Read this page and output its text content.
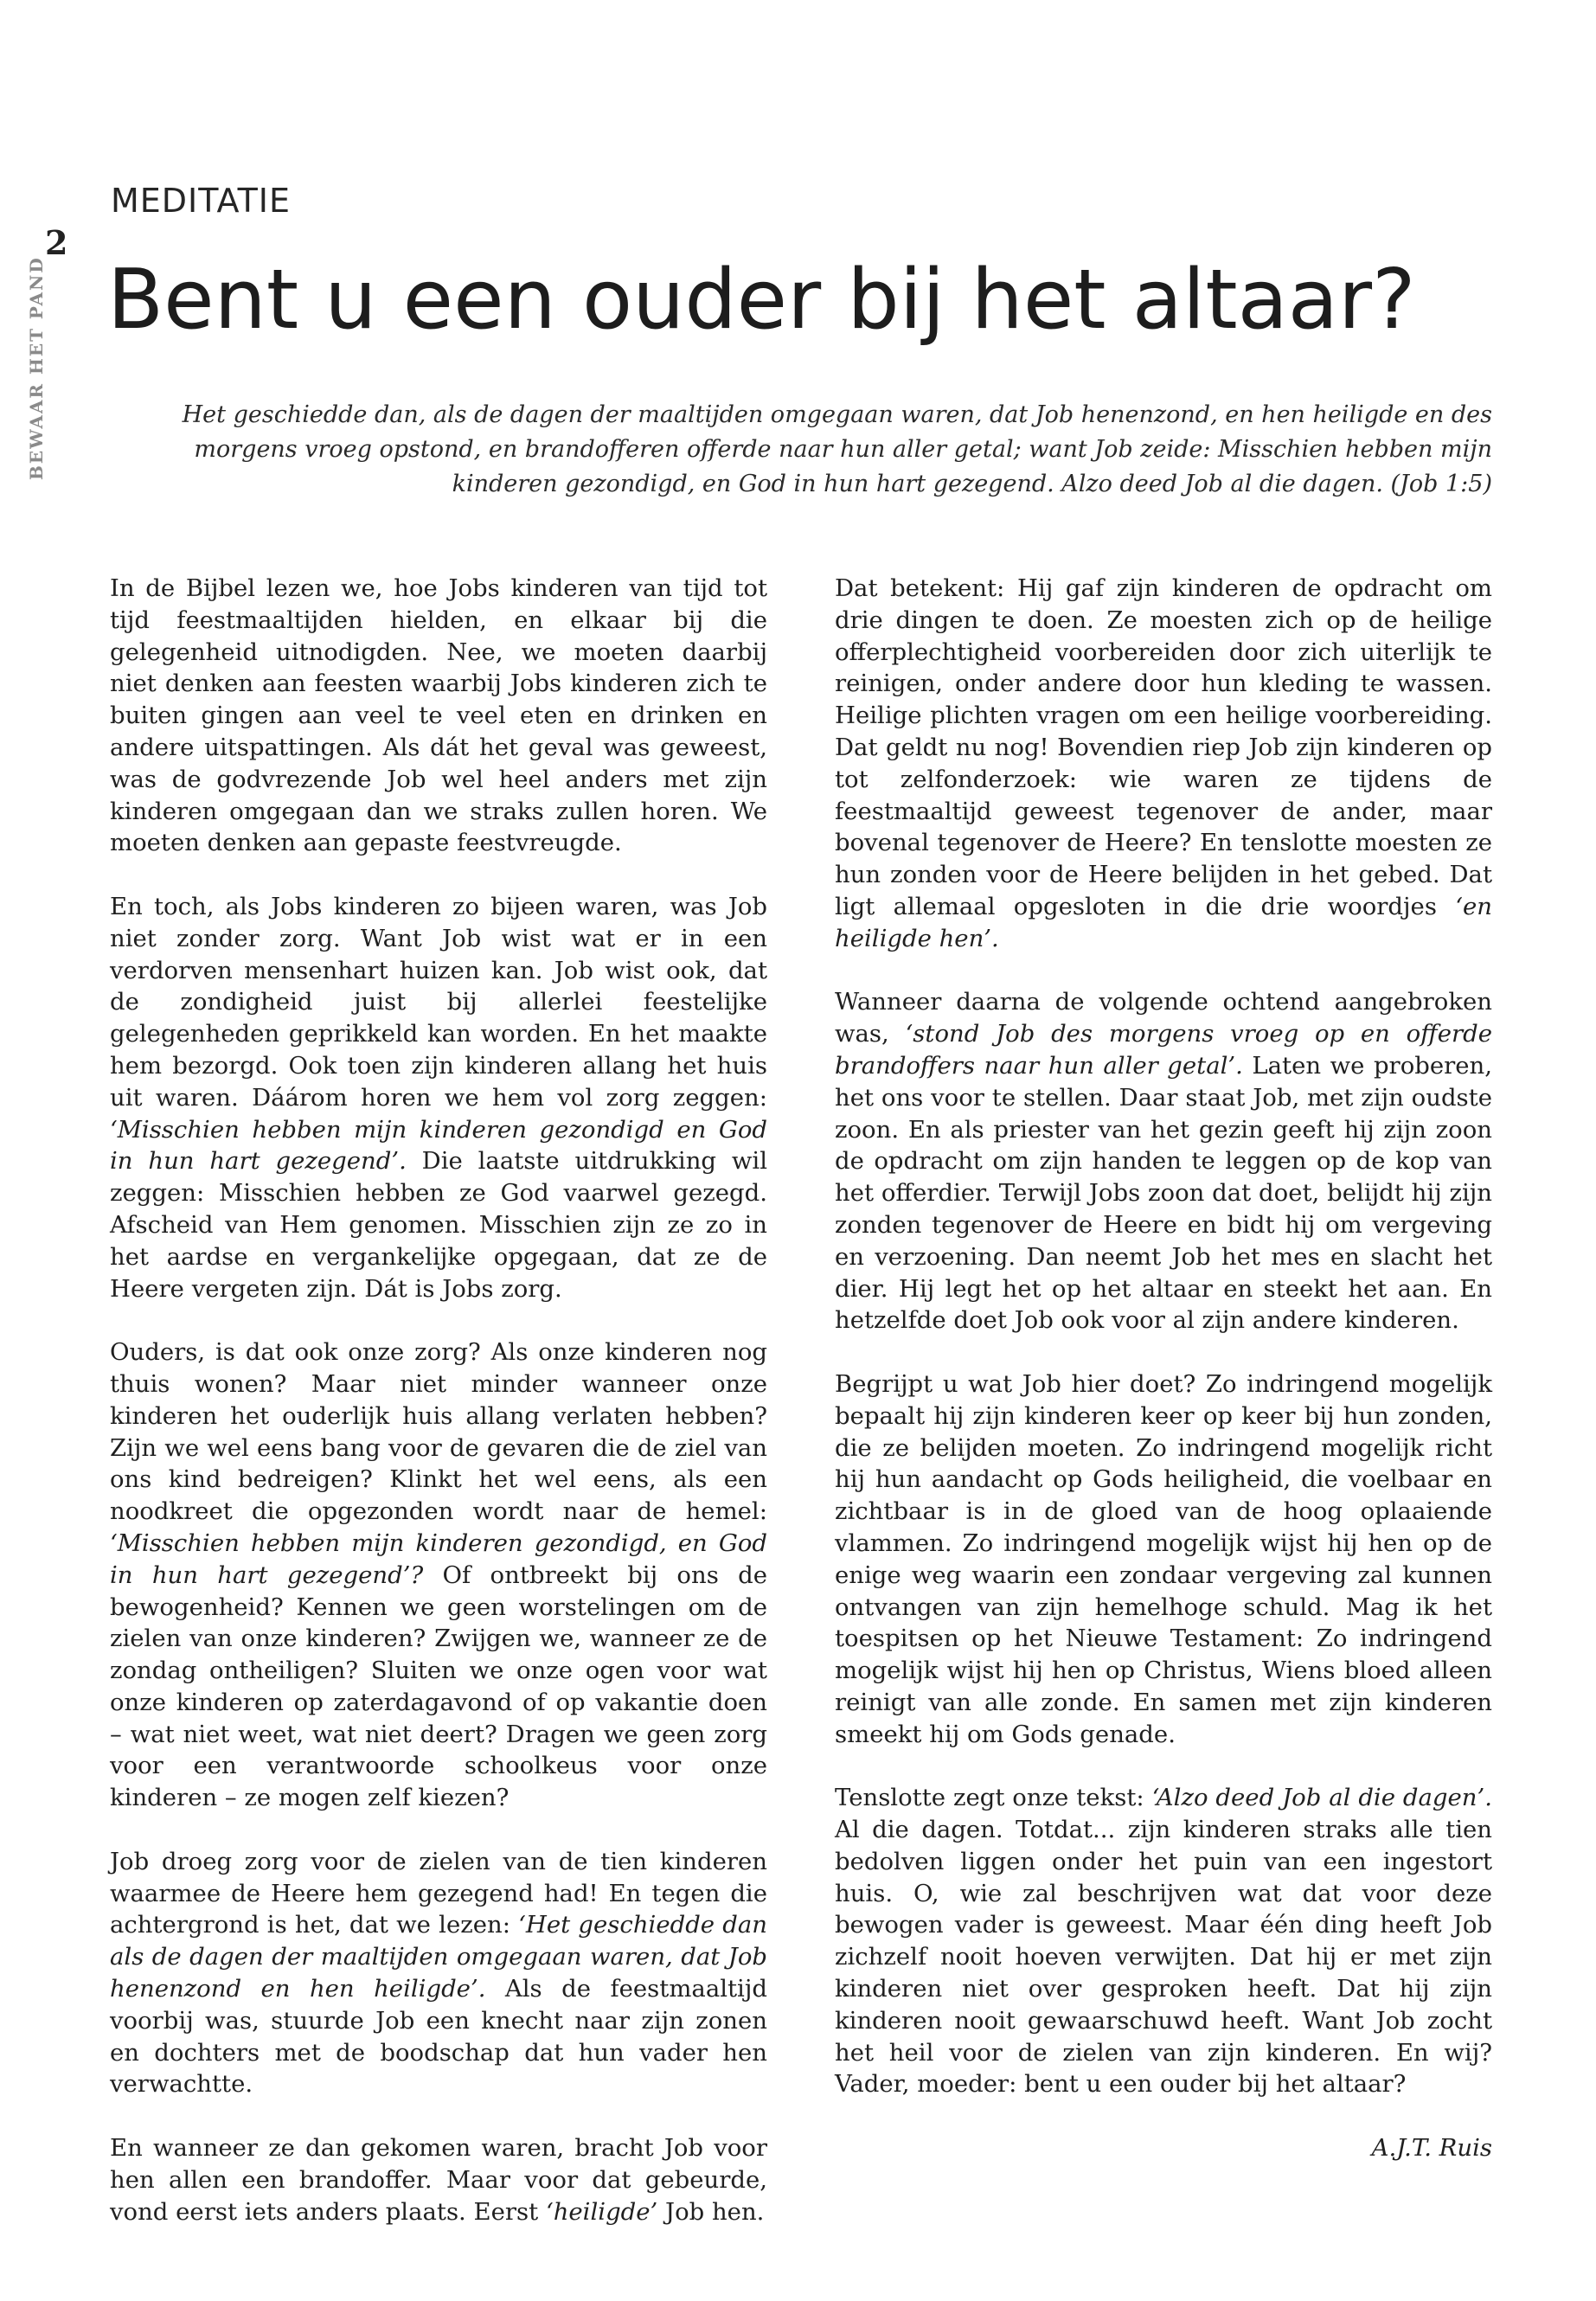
2
BEWAAR HET PAND
MEDITATIE
Bent u een ouder bij het altaar?
Het geschiedde dan, als de dagen der maaltijden omgegaan waren, dat Job henenzond, en hen heiligde en des morgens vroeg opstond, en brandofferen offerde naar hun aller getal; want Job zeide: Misschien hebben mijn kinderen gezondigd, en God in hun hart gezegend. Alzo deed Job al die dagen. (Job 1:5)

In de Bijbel lezen we, hoe Jobs kinderen van tijd tot tijd feestmaaltijden hielden, en elkaar bij die gelegenheid uitnodigden. Nee, we moeten daarbij niet denken aan feesten waarbij Jobs kinderen zich te buiten gingen aan veel te veel eten en drinken en andere uitspattingen. Als dát het geval was geweest, was de godvrezende Job wel heel anders met zijn kinderen omgegaan dan we straks zullen horen. We moeten denken aan gepaste feestvreugde.

En toch, als Jobs kinderen zo bijeen waren, was Job niet zonder zorg. Want Job wist wat er in een verdorven mensenhart huizen kan. Job wist ook, dat de zondigheid juist bij allerlei feestelijke gelegenheden geprikkeld kan worden. En het maakte hem bezorgd. Ook toen zijn kinderen allang het huis uit waren. Dáárom horen we hem vol zorg zeggen: ‘Misschien hebben mijn kinderen gezondigd en God in hun hart gezegend’. Die laatste uitdrukking wil zeggen: Misschien hebben ze God vaarwel gezegd. Afscheid van Hem genomen. Misschien zijn ze zo in het aardse en vergankelijke opgegaan, dat ze de Heere vergeten zijn. Dát is Jobs zorg.

Ouders, is dat ook onze zorg? Als onze kinderen nog thuis wonen? Maar niet minder wanneer onze kinderen het ouderlijk huis allang verlaten hebben? Zijn we wel eens bang voor de gevaren die de ziel van ons kind bedreigen? Klinkt het wel eens, als een noodkreet die opgezonden wordt naar de hemel: ‘Misschien hebben mijn kinderen gezondigd, en God in hun hart gezegend’? Of ontbreekt bij ons de bewogenheid? Kennen we geen worstelingen om de zielen van onze kinderen? Zwijgen we, wanneer ze de zondag ontheiligen? Sluiten we onze ogen voor wat onze kinderen op zaterdagavond of op vakantie doen – wat niet weet, wat niet deert? Dragen we geen zorg voor een verantwoorde schoolkeus voor onze kinderen – ze mogen zelf kiezen?

Job droeg zorg voor de zielen van de tien kinderen waarmee de Heere hem gezegend had! En tegen die achtergrond is het, dat we lezen: ‘Het geschiedde dan als de dagen der maaltijden omgegaan waren, dat Job henenzond en hen heiligde’. Als de feestmaaltijd voorbij was, stuurde Job een knecht naar zijn zonen en dochters met de boodschap dat hun vader hen verwachtte.

En wanneer ze dan gekomen waren, bracht Job voor hen allen een brandoffer. Maar voor dat gebeurde, vond eerst iets anders plaats. Eerst ‘heiligde’ Job hen.

Dat betekent: Hij gaf zijn kinderen de opdracht om drie dingen te doen. Ze moesten zich op de heilige offerplechtigheid voorbereiden door zich uiterlijk te reinigen, onder andere door hun kleding te wassen. Heilige plichten vragen om een heilige voorbereiding. Dat geldt nu nog! Bovendien riep Job zijn kinderen op tot zelfonderzoek: wie waren ze tijdens de feestmaaltijd geweest tegenover de ander, maar bovenal tegenover de Heere? En tenslotte moesten ze hun zonden voor de Heere belijden in het gebed. Dat ligt allemaal opgesloten in die drie woordjes ‘en heiligde hen’.

Wanneer daarna de volgende ochtend aangebroken was, ‘stond Job des morgens vroeg op en offerde brandoffers naar hun aller getal’. Laten we proberen, het ons voor te stellen. Daar staat Job, met zijn oudste zoon. En als priester van het gezin geeft hij zijn zoon de opdracht om zijn handen te leggen op de kop van het offerdier. Terwijl Jobs zoon dat doet, belijdt hij zijn zonden tegenover de Heere en bidt hij om vergeving en verzoening. Dan neemt Job het mes en slacht het dier. Hij legt het op het altaar en steekt het aan. En hetzelfde doet Job ook voor al zijn andere kinderen.

Begrijpt u wat Job hier doet? Zo indringend mogelijk bepaalt hij zijn kinderen keer op keer bij hun zonden, die ze belijden moeten. Zo indringend mogelijk richt hij hun aandacht op Gods heiligheid, die voelbaar en zichtbaar is in de gloed van de hoog oplaaiende vlammen. Zo indringend mogelijk wijst hij hen op de enige weg waarin een zondaar vergeving zal kunnen ontvangen van zijn hemelhoge schuld. Mag ik het toespitsen op het Nieuwe Testament: Zo indringend mogelijk wijst hij hen op Christus, Wiens bloed alleen reinigt van alle zonde. En samen met zijn kinderen smeekt hij om Gods genade.

Tenslotte zegt onze tekst: ‘Alzo deed Job al die dagen’. Al die dagen. Totdat... zijn kinderen straks alle tien bedolven liggen onder het puin van een ingestort huis. O, wie zal beschrijven wat dat voor deze bewogen vader is geweest. Maar één ding heeft Job zichzelf nooit hoeven verwijten. Dat hij er met zijn kinderen niet over gesproken heeft. Dat hij zijn kinderen nooit gewaarschuwd heeft. Want Job zocht het heil voor de zielen van zijn kinderen. En wij? Vader, moeder: bent u een ouder bij het altaar?

A.J.T. Ruis
